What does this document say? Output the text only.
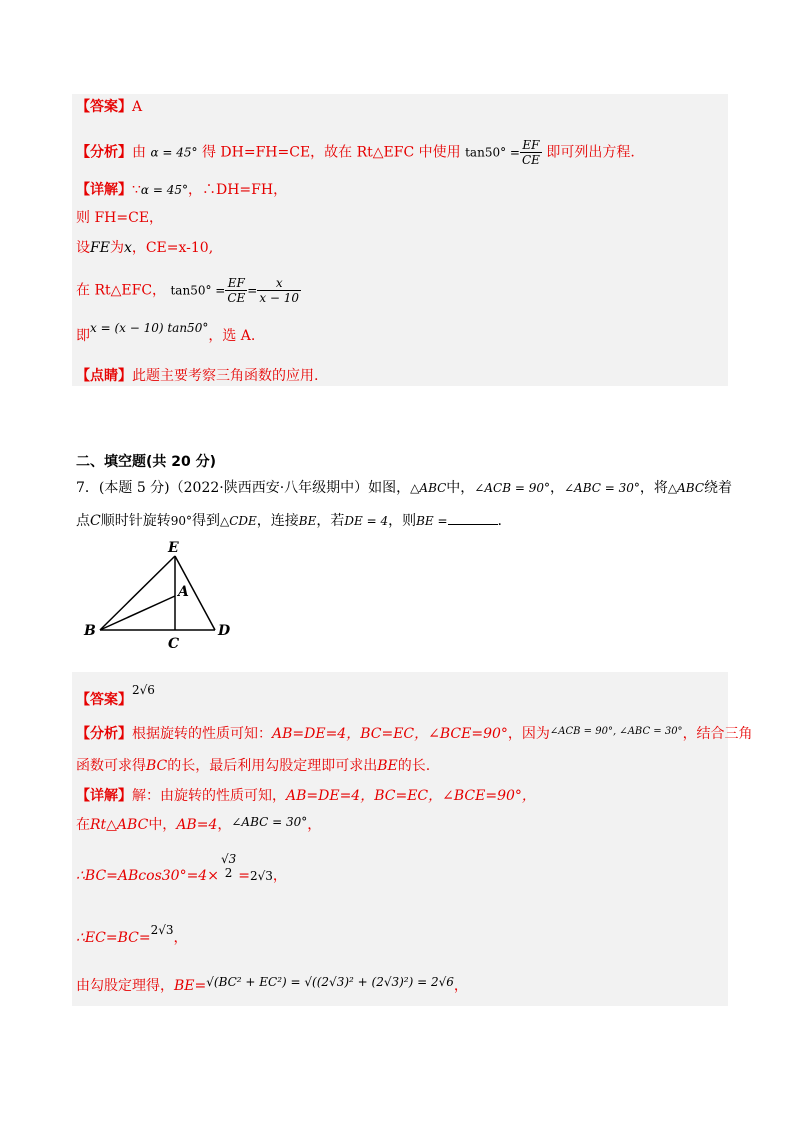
【答案】A
【分析】由 α = 45° 得 DH=FH=CE，故在 Rt△EFC 中使用 $\tan 50^\circ = \frac{EF}{CE}$ 即可列出方程.
【详解】∵α = 45°，∴DH=FH，
则 FH=CE，
设FE为x，CE=x-10,
在 Rt△EFC， $\tan 50^\circ = \frac{EF}{CE} = \frac{x}{x - 10}$
即x = (x − 10) tan50°，选 A.
【点睛】此题主要考察三角函数的应用.
二、填空题(共 20 分)
7．(本题 5 分)（2022·陕西西安·八年级期中）如图，△ABC中，∠ACB = 90°，∠ABC = 30°，将△ABC绕着
点C顺时针旋转90°得到△CDE，连接BE，若DE = 4，则BE =	.
E
A
B
C
D
【答案】2√6
【分析】根据旋转的性质可知：AB=DE=4，BC=EC，∠BCE=90°，因为$^{\angle ACB = 90^\circ, \angle ABC = 30^\circ}$，结合三角
函数可求得BC的长，最后利用勾股定理即可求出BE的长.
【详解】解：由旋转的性质可知，AB=DE=4，BC=EC，∠BCE=90°，
在Rt△ABC中，AB=4，∠ABC = 30°，
∴BC=ABcos30°=4×
√3
2 =2√3，
∴EC=BC=2√3，
由勾股定理得，BE=√(BC² + EC²) = √((2√3)² + (2√3)²) = 2√6，
